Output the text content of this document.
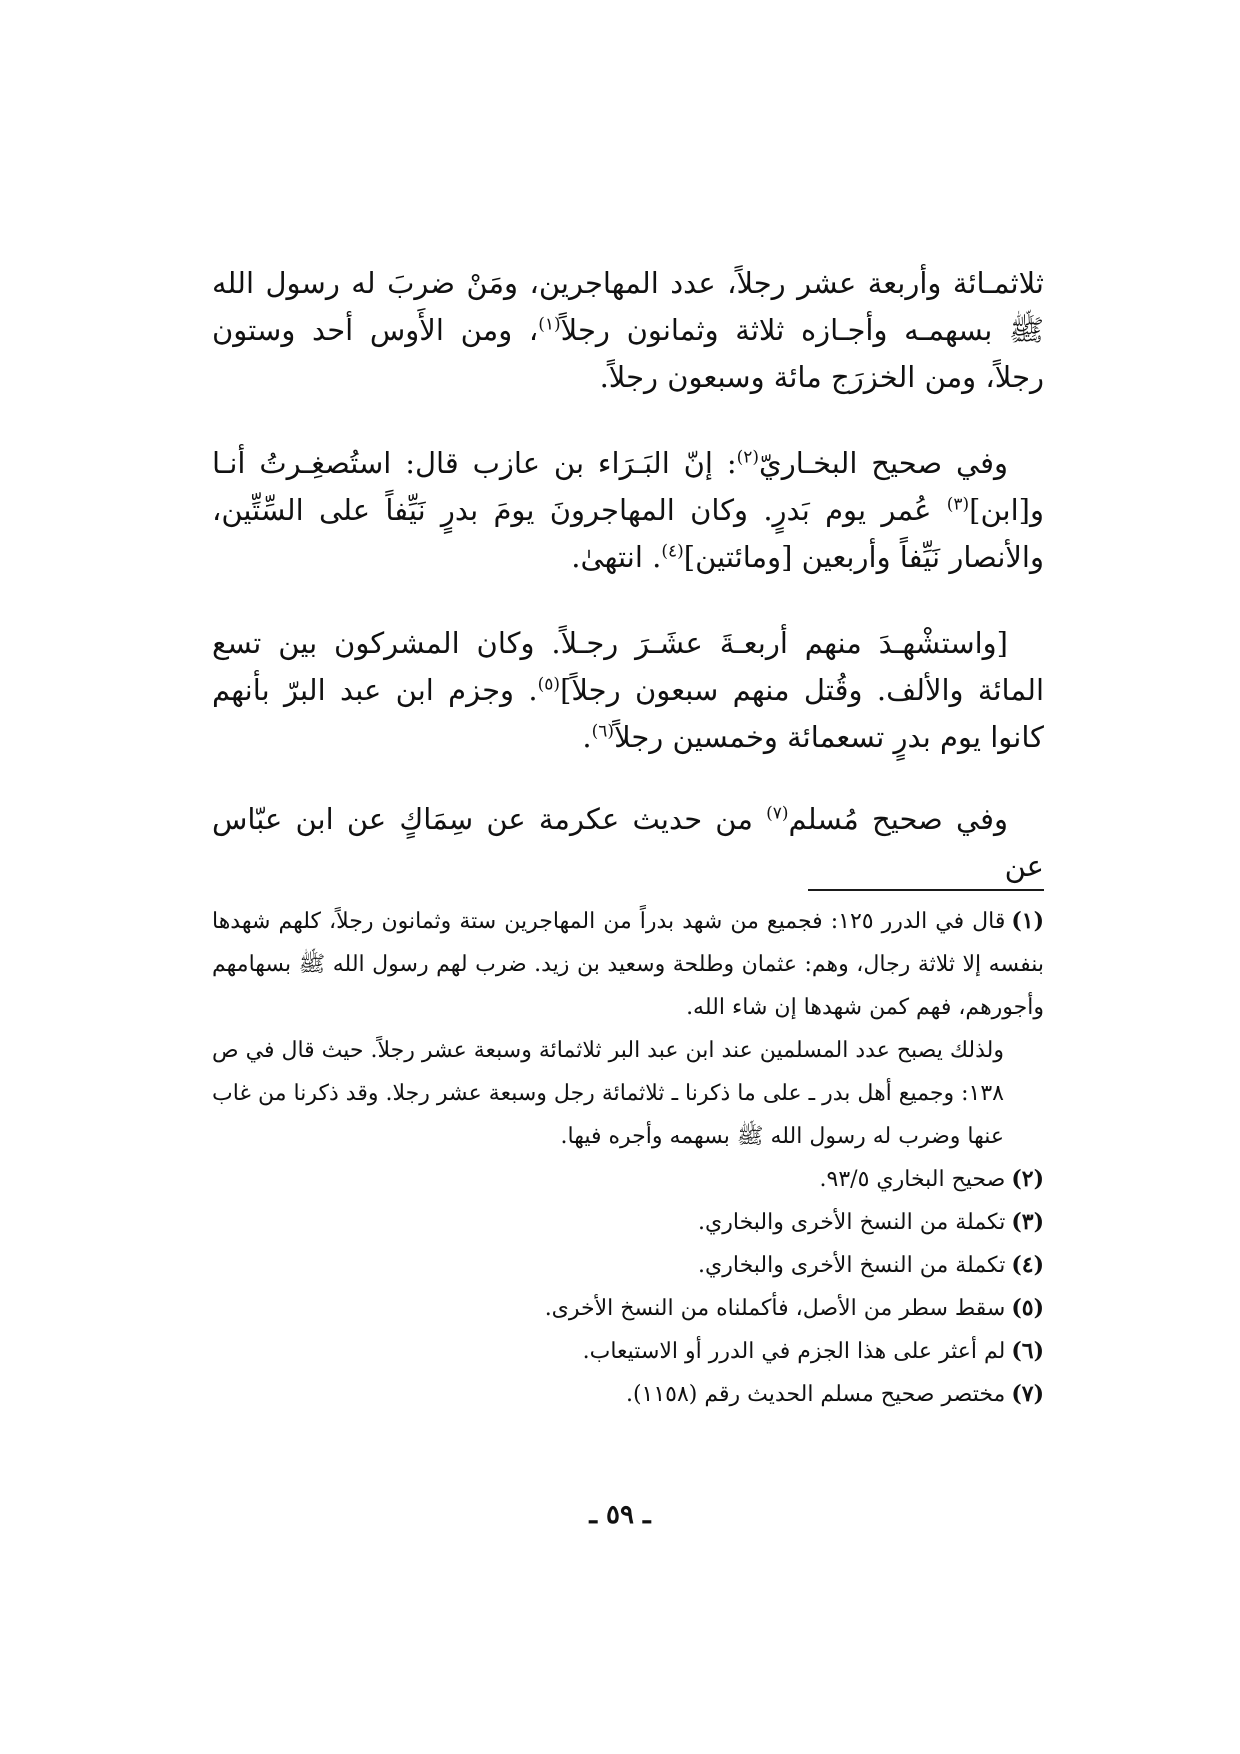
ثلاثمـائة وأربعة عشر رجلاً، عدد المهاجرين، ومَنْ ضربَ له رسول الله ﷺ بسهمـه وأجـازه ثلاثة وثمانون رجلاً$^{(١)}$، ومن الأَوس أحد وستون رجلاً، ومن الخزرَج مائة وسبعون رجلاً.
وفي صحيح البخـاريّ$^{(٢)}$: إنّ البَـرَاء بن عازب قال: استُصغِـرتُ أنـا و[ابن]$^{(٣)}$ عُمر يوم بَدرٍ. وكان المهاجرونَ يومَ بدرٍ نَيِّفاً على السِّتِّين، والأنصار نَيِّفاً وأربعين [ومائتين]$^{(٤)}$. انتهىٰ.
[واستشْهـدَ منهم أربعـةَ عشَـرَ رجـلاً. وكان المشركون بين تسع المائة والألف. وقُتل منهم سبعون رجلاً]$^{(٥)}$. وجزم ابن عبد البرّ بأنهم كانوا يوم بدرٍ تسعمائة وخمسين رجلاً$^{(٦)}$.
وفي صحيح مُسلم$^{(٧)}$ من حديث عكرمة عن سِمَاكٍ عن ابن عبّاس عن
(١)قال في الدرر ١٢٥: فجميع من شهد بدراً من المهاجرين ستة وثمانون رجلاً، كلهم شهدها بنفسه إلا ثلاثة رجال، وهم: عثمان وطلحة وسعيد بن زيد. ضرب لهم رسول الله ﷺ بسهامهم وأجورهم، فهم كمن شهدها إن شاء الله.
ولذلك يصبح عدد المسلمين عند ابن عبد البر ثلاثمائة وسبعة عشر رجلاً. حيث قال في ص ١٣٨: وجميع أهل بدر ـ على ما ذكرنا ـ ثلاثمائة رجل وسبعة عشر رجلا. وقد ذكرنا من غاب عنها وضرب له رسول الله ﷺ بسهمه وأجره فيها.
(٢)صحيح البخاري ٩٣/٥.
(٣)تكملة من النسخ الأخرى والبخاري.
(٤)تكملة من النسخ الأخرى والبخاري.
(٥)سقط سطر من الأصل، فأكملناه من النسخ الأخرى.
(٦)لم أعثر على هذا الجزم في الدرر أو الاستيعاب.
(٧)مختصر صحيح مسلم الحديث رقم (١١٥٨).
ـ ٥٩ ـ
